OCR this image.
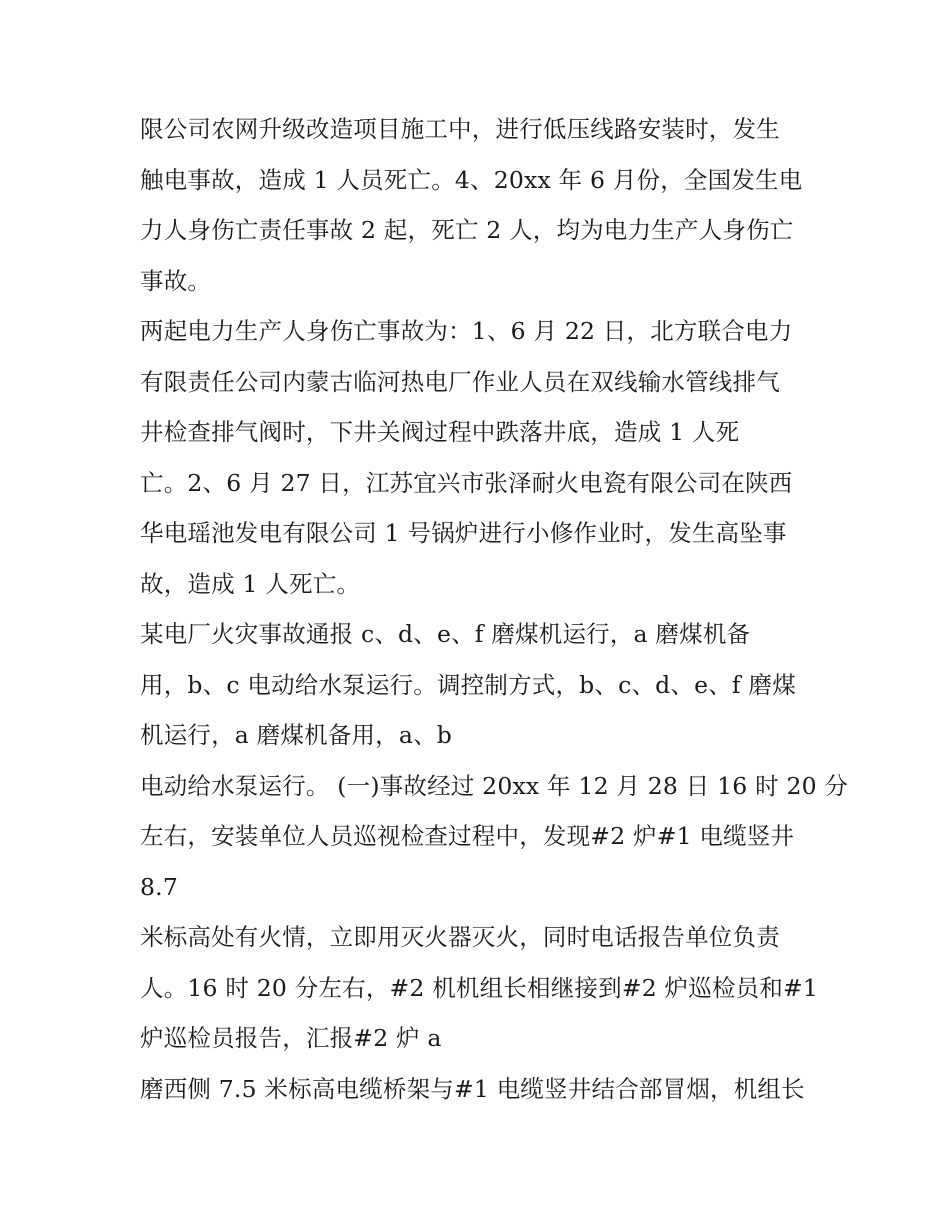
限公司农网升级改造项目施工中，进行低压线路安装时，发生
触电事故，造成 1 人员死亡。4、20xx 年 6 月份，全国发生电
力人身伤亡责任事故 2 起，死亡 2 人，均为电力生产人身伤亡
事故。
两起电力生产人身伤亡事故为：1、6 月 22 日，北方联合电力
有限责任公司内蒙古临河热电厂作业人员在双线输水管线排气
井检查排气阀时，下井关阀过程中跌落井底，造成 1 人死
亡。2、6 月 27 日，江苏宜兴市张泽耐火电瓷有限公司在陕西
华电瑶池发电有限公司 1 号锅炉进行小修作业时，发生高坠事
故，造成 1 人死亡。
某电厂火灾事故通报 c、d、e、f 磨煤机运行，a 磨煤机备
用，b、c 电动给水泵运行。调控制方式，b、c、d、e、f 磨煤
机运行，a 磨煤机备用，a、b
电动给水泵运行。 (一)事故经过 20xx 年 12 月 28 日 16 时 20 分
左右，安装单位人员巡视检查过程中，发现#2 炉#1 电缆竖井
8.7
米标高处有火情，立即用灭火器灭火，同时电话报告单位负责
人。16 时 20 分左右，#2 机机组长相继接到#2 炉巡检员和#1
炉巡检员报告，汇报#2 炉 a
磨西侧 7.5 米标高电缆桥架与#1 电缆竖井结合部冒烟，机组长
